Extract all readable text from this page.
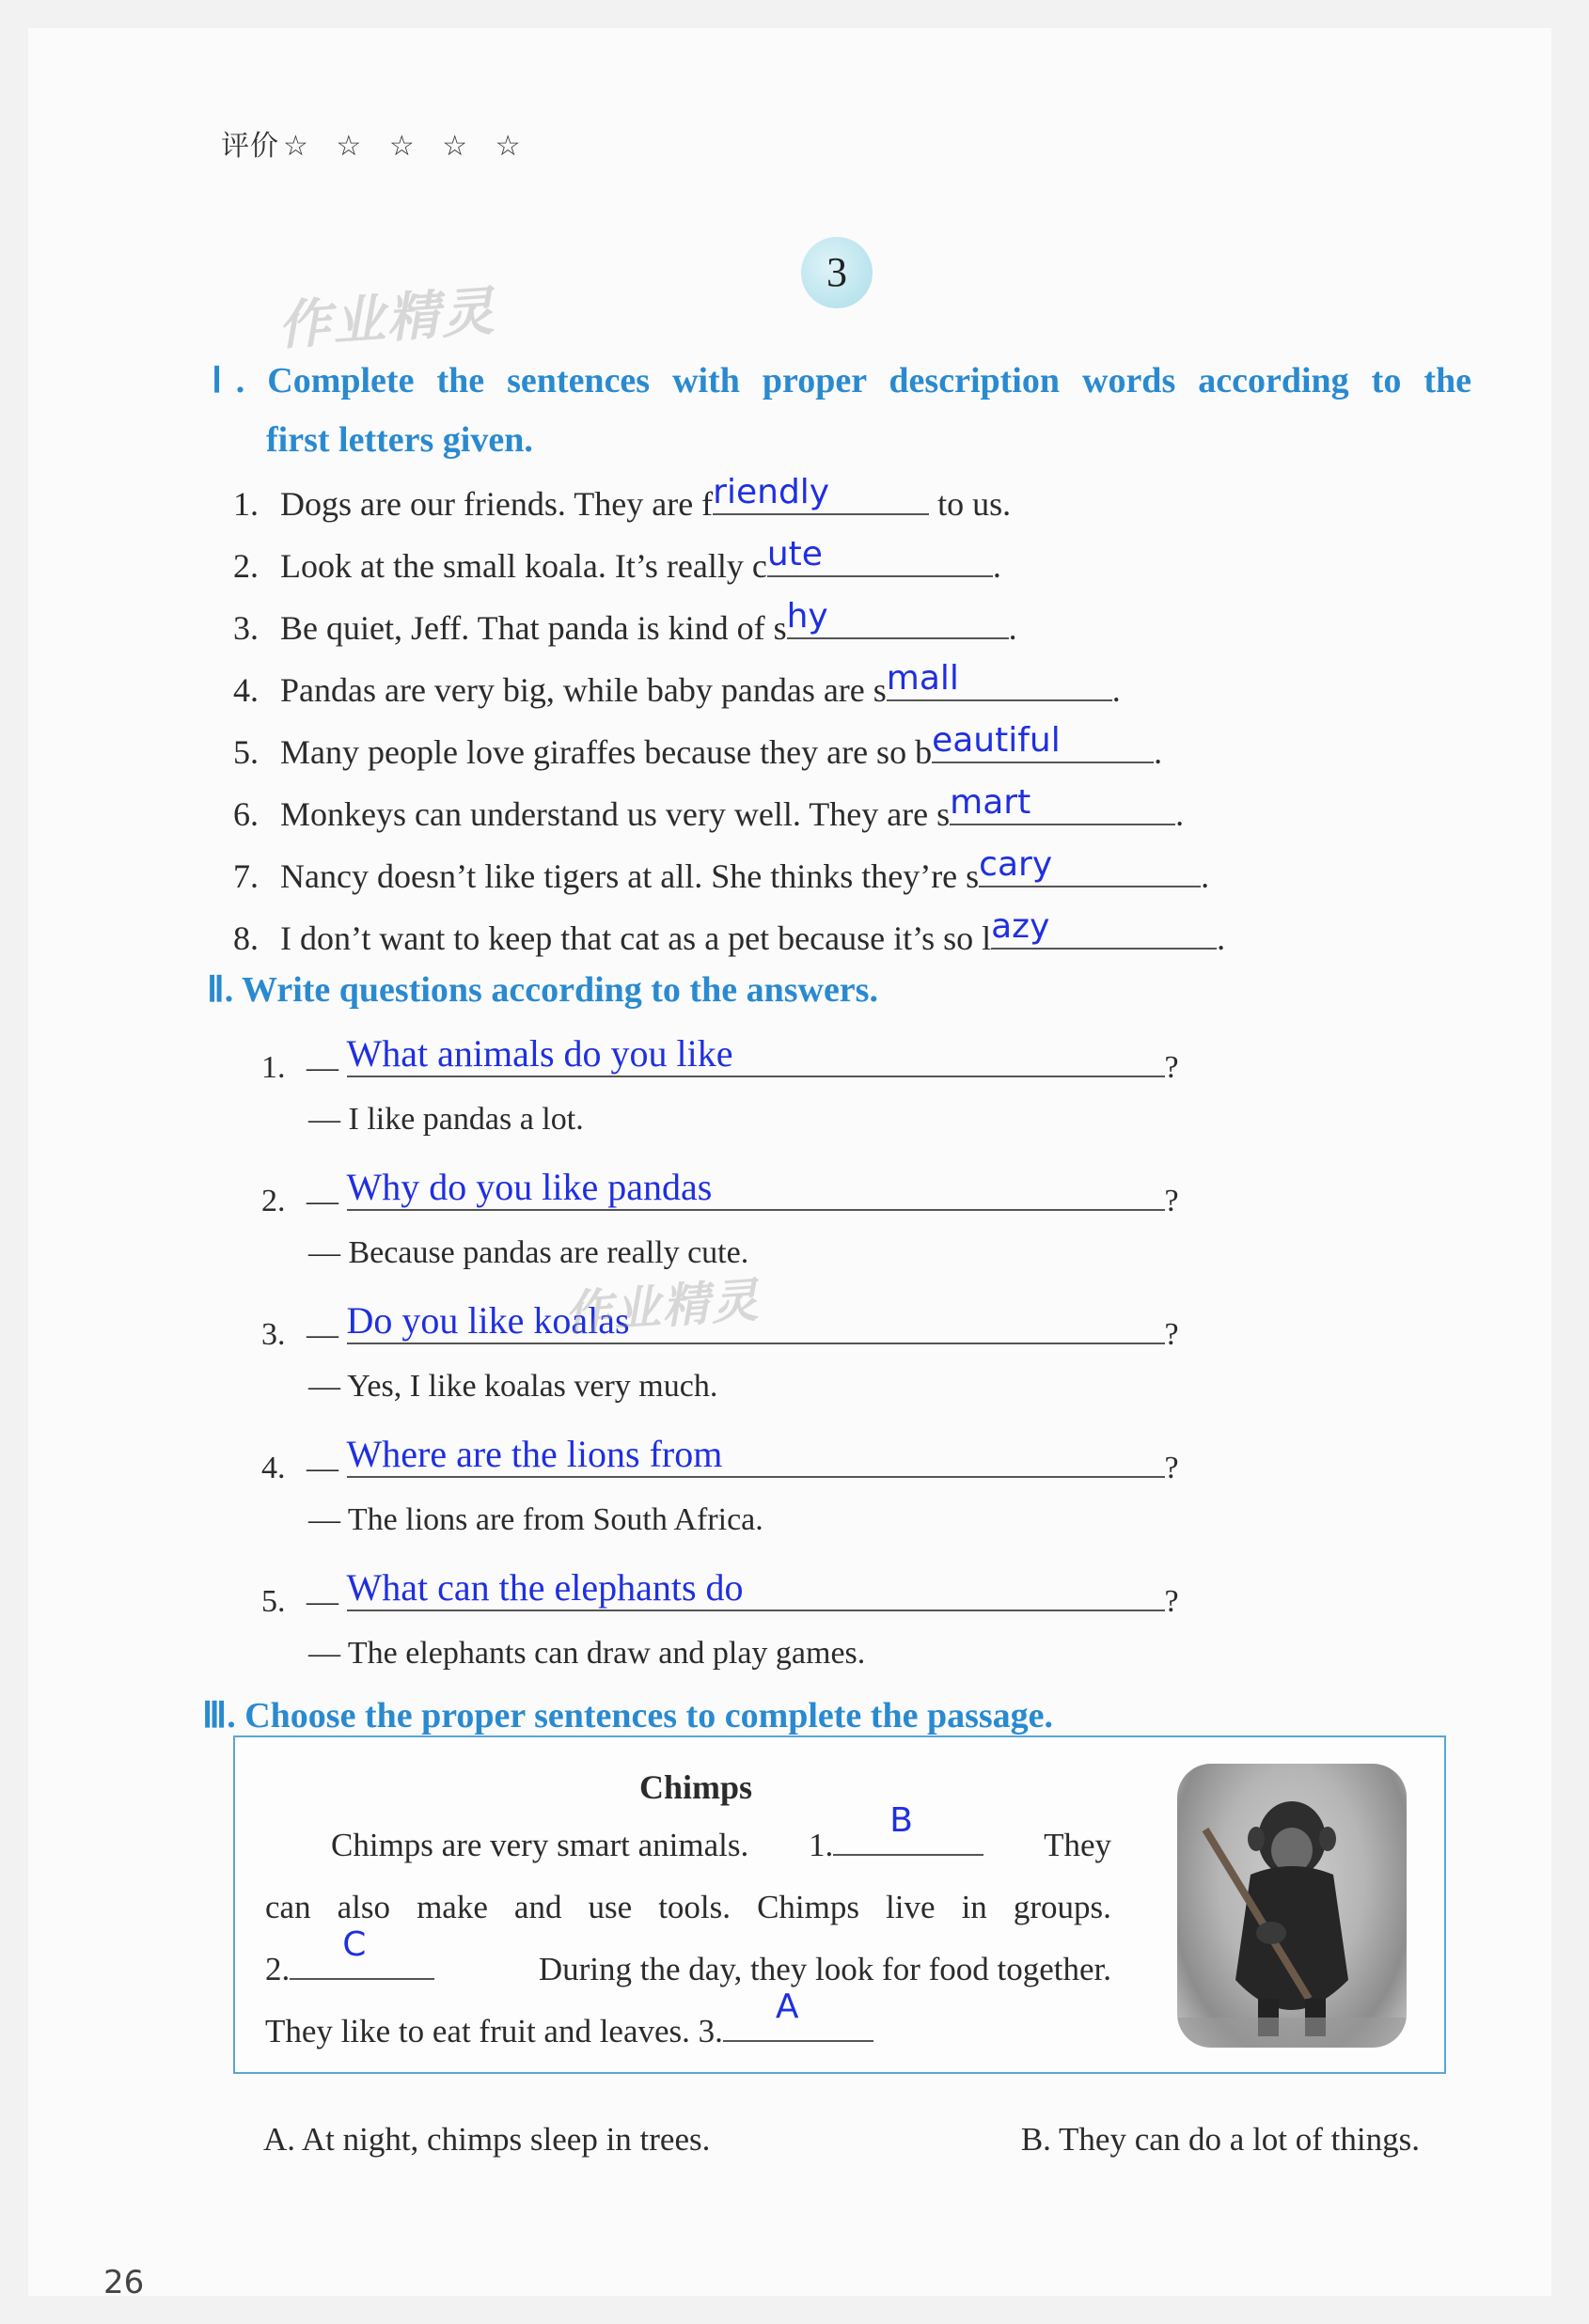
评价 ☆ ☆ ☆ ☆ ☆
3
作业精灵
Ⅰ. Complete the sentences with proper description words according to the
first letters given.
1. Dogs are our friends. They are f riendly	to us.
2. Look at the small koala. It’s really c ute	.
3. Be quiet, Jeff. That panda is kind of s hy	.
4. Pandas are very big, while baby pandas are s mall	.
5. Many people love giraffes because they are so b eautiful	.
6. Monkeys can understand us very well. They are s mart	.
7. Nancy doesn’t like tigers at all. She thinks they’re s cary	.
8. I don’t want to keep that cat as a pet because it’s so l azy	.
Ⅱ. Write questions according to the answers.
1. — What animals do you like	?
— I like pandas a lot.
2. — Why do you like pandas	?
— Because pandas are really cute.
3. — Do you like koalas	?
— Yes, I like koalas very much.
4. — Where are the lions from	?
— The lions are from South Africa.
5. — What can the elephants do	?
— The elephants can draw and play games.
作业精灵
Ⅲ. Choose the proper sentences to complete the passage.
Chimps
Chimps are very smart animals. 1.
B
They
can also make and use tools. Chimps live in groups.
2.
C
During the day, they look for food together.
They like to eat fruit and leaves. 3.
A
A. At night, chimps sleep in trees.	B. They can do a lot of things.
26
